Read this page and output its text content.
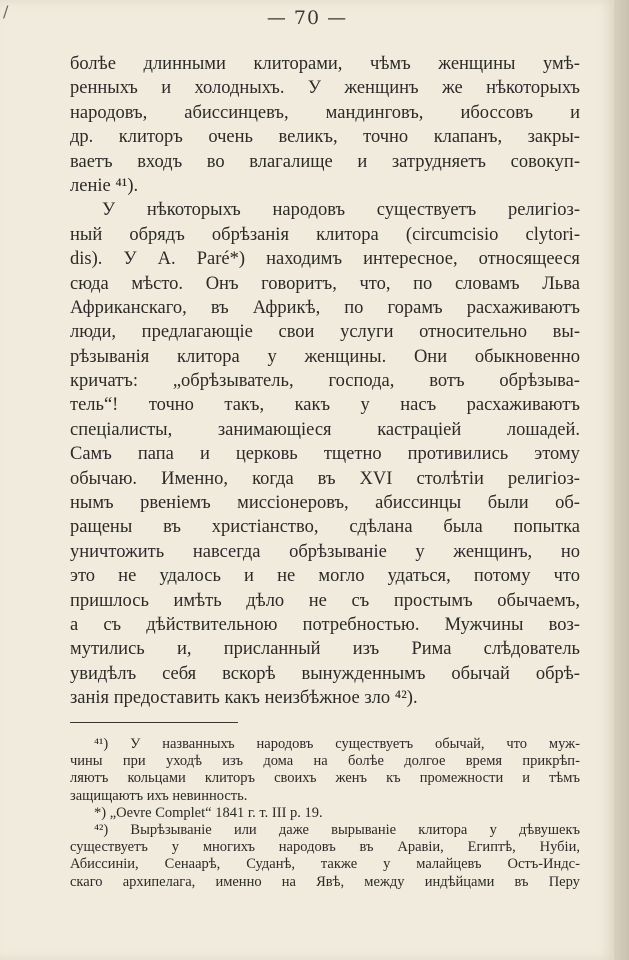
/	— 70 —
болѣе длинными клиторами, чѣмъ женщины умѣ-
ренныхъ и холодныхъ. У женщинъ же нѣкоторыхъ
народовъ, абиссинцевъ, мандинговъ, ибоссовъ и
др. клиторъ очень великъ, точно клапанъ, закры-
ваетъ входъ во влагалище и затрудняетъ совокуп-
леніе ⁴¹).
У нѣкоторыхъ народовъ существуетъ религіоз-
ный обрядъ обрѣзанія клитора (circumcisio clytori-
dis). У А. Paré*) находимъ интересное, относящееся
сюда мѣсто. Онъ говоритъ, что, по словамъ Льва
Африканскаго, въ Африкѣ, по горамъ расхаживаютъ
люди, предлагающіе свои услуги относительно вы-
рѣзыванія клитора у женщины. Они обыкновенно
кричатъ: „обрѣзыватель, господа, вотъ обрѣзыва-
тель“! точно такъ, какъ у насъ расхаживаютъ
спеціалисты, занимающіеся кастраціей лошадей.
Самъ папа и церковь тщетно противились этому
обычаю. Именно, когда въ XVI столѣтіи религіоз-
нымъ рвеніемъ миссіонеровъ, абиссинцы были об-
ращены въ христіанство, сдѣлана была попытка
уничтожить навсегда обрѣзываніе у женщинъ, но
это не удалось и не могло удаться, потому что
пришлось имѣть дѣло не съ простымъ обычаемъ,
а съ дѣйствительною потребностью. Мужчины воз-
мутились и, присланный изъ Рима слѣдователь
увидѣлъ себя вскорѣ вынужденнымъ обычай обрѣ-
занія предоставить какъ неизбѣжное зло ⁴²).
⁴¹) У названныхъ народовъ существуетъ обычай, что муж-
чины при уходѣ изъ дома на болѣе долгое время прикрѣп-
ляютъ кольцами клиторъ своихъ женъ къ промежности и тѣмъ
защищаютъ ихъ невинность.
*) „Oevre Complet“ 1841 г. т. III p. 19.
⁴²) Вырѣзываніе или даже вырываніе клитора у дѣвушекъ
существуетъ у многихъ народовъ въ Аравіи, Египтѣ, Нубіи,
Абиссиніи, Сенаарѣ, Суданѣ, также у малайцевъ Остъ-Индс-
скаго архипелага, именно на Явѣ, между индѣйцами въ Перу
